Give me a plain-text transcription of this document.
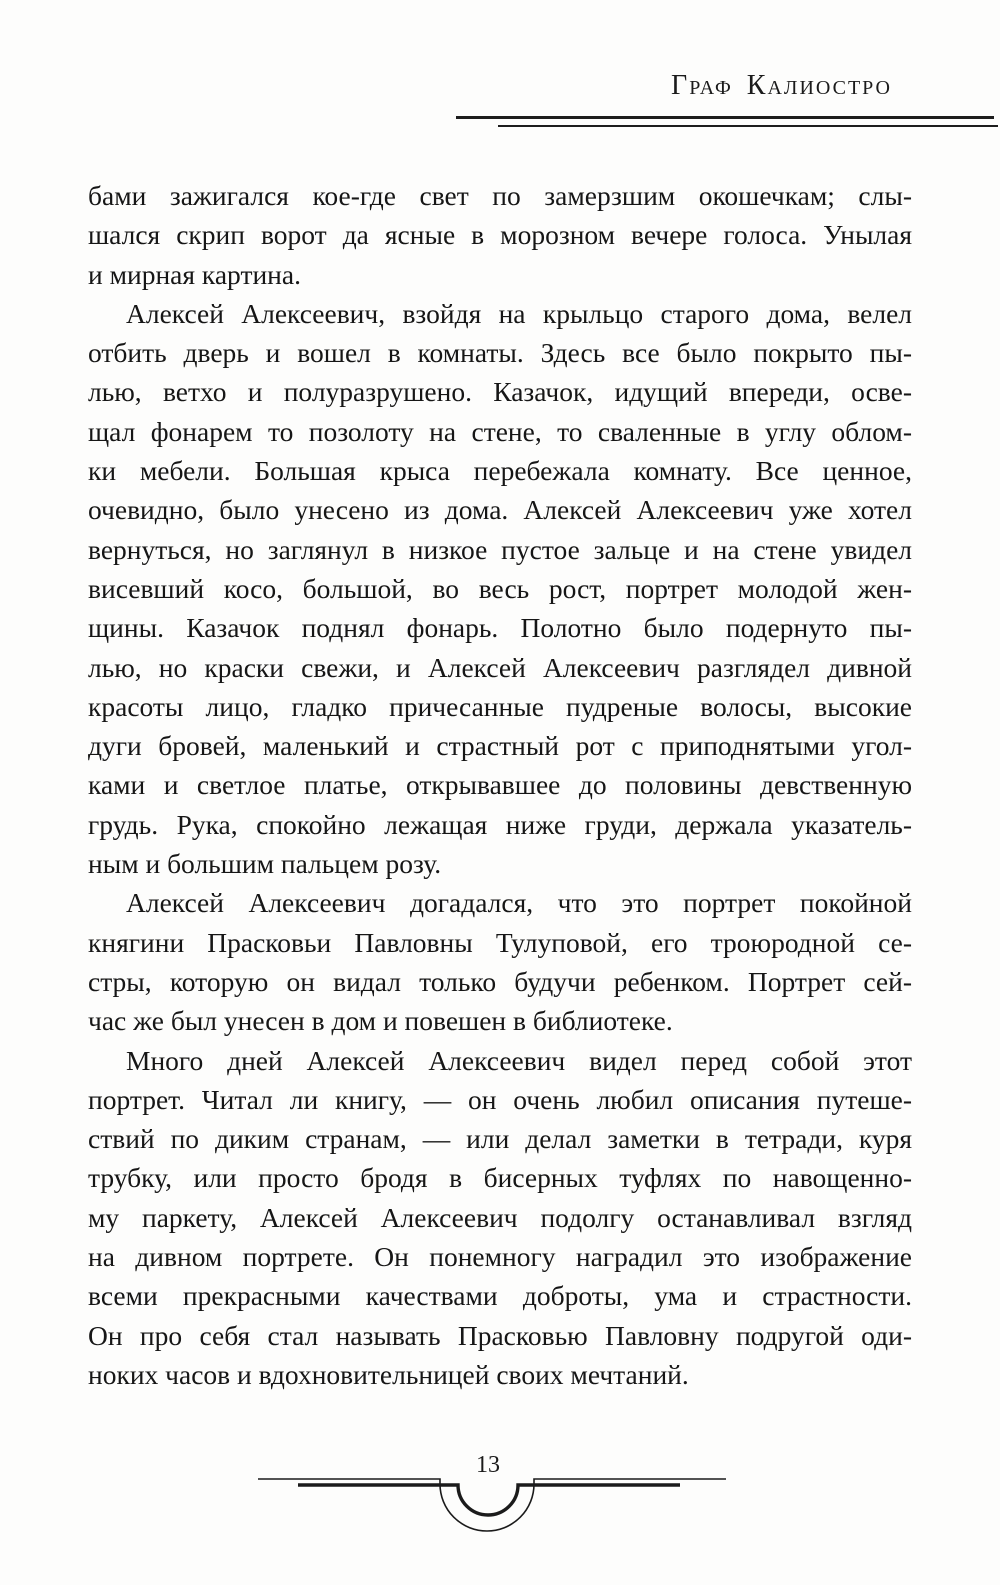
ГРАФ КАЛИОСТРО
бами зажигался кое-где свет по замерзшим окошечкам; слы-
шался скрип ворот да ясные в морозном вечере голоса. Унылая
и мирная картина.
Алексей Алексеевич, взойдя на крыльцо старого дома, велел
отбить дверь и вошел в комнаты. Здесь все было покрыто пы-
лью, ветхо и полуразрушено. Казачок, идущий впереди, осве-
щал фонарем то позолоту на стене, то сваленные в углу облом-
ки мебели. Большая крыса перебежала комнату. Все ценное,
очевидно, было унесено из дома. Алексей Алексеевич уже хотел
вернуться, но заглянул в низкое пустое зальце и на стене увидел
висевший косо, большой, во весь рост, портрет молодой жен-
щины. Казачок поднял фонарь. Полотно было подернуто пы-
лью, но краски свежи, и Алексей Алексеевич разглядел дивной
красоты лицо, гладко причесанные пудреные волосы, высокие
дуги бровей, маленький и страстный рот с приподнятыми угол-
ками и светлое платье, открывавшее до половины девственную
грудь. Рука, спокойно лежащая ниже груди, держала указатель-
ным и большим пальцем розу.
Алексей Алексеевич догадался, что это портрет покойной
княгини Прасковьи Павловны Тулуповой, его троюродной се-
стры, которую он видал только будучи ребенком. Портрет сей-
час же был унесен в дом и повешен в библиотеке.
Много дней Алексей Алексеевич видел перед собой этот
портрет. Читал ли книгу, — он очень любил описания путеше-
ствий по диким странам, — или делал заметки в тетради, куря
трубку, или просто бродя в бисерных туфлях по навощенно-
му паркету, Алексей Алексеевич подолгу останавливал взгляд
на дивном портрете. Он понемногу наградил это изображение
всеми прекрасными качествами доброты, ума и страстности.
Он про себя стал называть Прасковью Павловну подругой оди-
ноких часов и вдохновительницей своих мечтаний.
13
